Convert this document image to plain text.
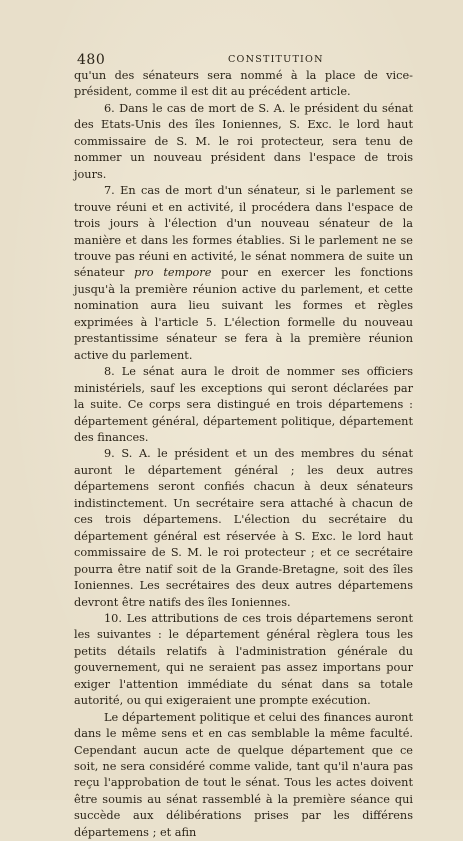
480	CONSTITUTION

qu'un des sénateurs sera nommé à la place de vice-président, comme il est dit au précédent article.

6. Dans le cas de mort de S. A. le président du sénat des Etats-Unis des îles Ioniennes, S. Exc. le lord haut commissaire de S. M. le roi protecteur, sera tenu de nommer un nouveau président dans l'espace de trois jours.

7. En cas de mort d'un sénateur, si le parlement se trouve réuni et en activité, il procédera dans l'espace de trois jours à l'élection d'un nouveau sénateur de la manière et dans les formes établies. Si le parlement ne se trouve pas réuni en activité, le sénat nommera de suite un sénateur pro tempore pour en exercer les fonctions jusqu'à la première réunion active du parlement, et cette nomination aura lieu suivant les formes et règles exprimées à l'article 5. L'élection formelle du nouveau prestantissime sénateur se fera à la première réunion active du parlement.

8. Le sénat aura le droit de nommer ses officiers ministériels, sauf les exceptions qui seront déclarées par la suite. Ce corps sera distingué en trois départemens : département général, département politique, département des finances.

9. S. A. le président et un des membres du sénat auront le département général ; les deux autres départemens seront confiés chacun à deux sénateurs indistinctement. Un secrétaire sera attaché à chacun de ces trois départemens. L'élection du secrétaire du département général est réservée à S. Exc. le lord haut commissaire de S. M. le roi protecteur ; et ce secrétaire pourra être natif soit de la Grande-Bretagne, soit des îles Ioniennes. Les secrétaires des deux autres départemens devront être natifs des îles Ioniennes.

10. Les attributions de ces trois départemens seront les suivantes : le département général règlera tous les petits détails relatifs à l'administration générale du gouvernement, qui ne seraient pas assez importans pour exiger l'attention immédiate du sénat dans sa totale autorité, ou qui exigeraient une prompte exécution.

Le département politique et celui des finances auront dans le même sens et en cas semblable la même faculté. Cependant aucun acte de quelque département que ce soit, ne sera considéré comme valide, tant qu'il n'aura pas reçu l'approbation de tout le sénat. Tous les actes doivent être soumis au sénat rassemblé à la première séance qui succède aux délibérations prises par les différens départemens ; et afin
